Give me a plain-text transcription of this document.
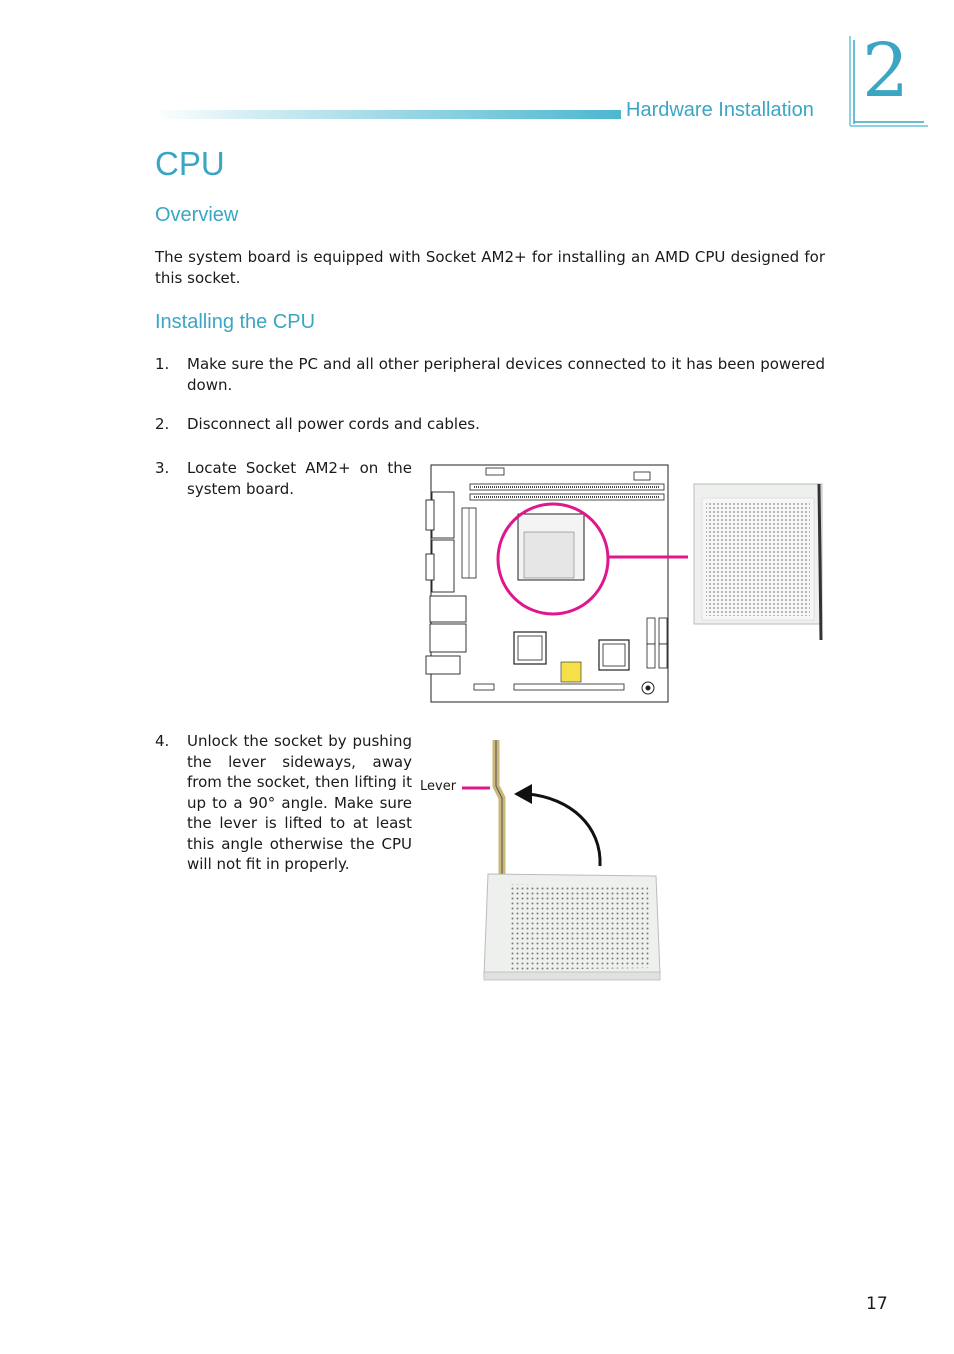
Hardware Installation 2
CPU
Overview
The system board is equipped with Socket AM2+ for installing an AMD CPU designed for this socket.
Installing the CPU
1. Make sure the PC and all other peripheral devices connected to it has been powered down.
2. Disconnect all power cords and cables.
3. Locate Socket AM2+ on the system board.
4. Unlock the socket by pushing the lever sideways, away from the socket, then lifting it up to a 90° angle. Make sure the lever is lifted to at least this angle otherwise the CPU will not fit in properly.
Lever
17
